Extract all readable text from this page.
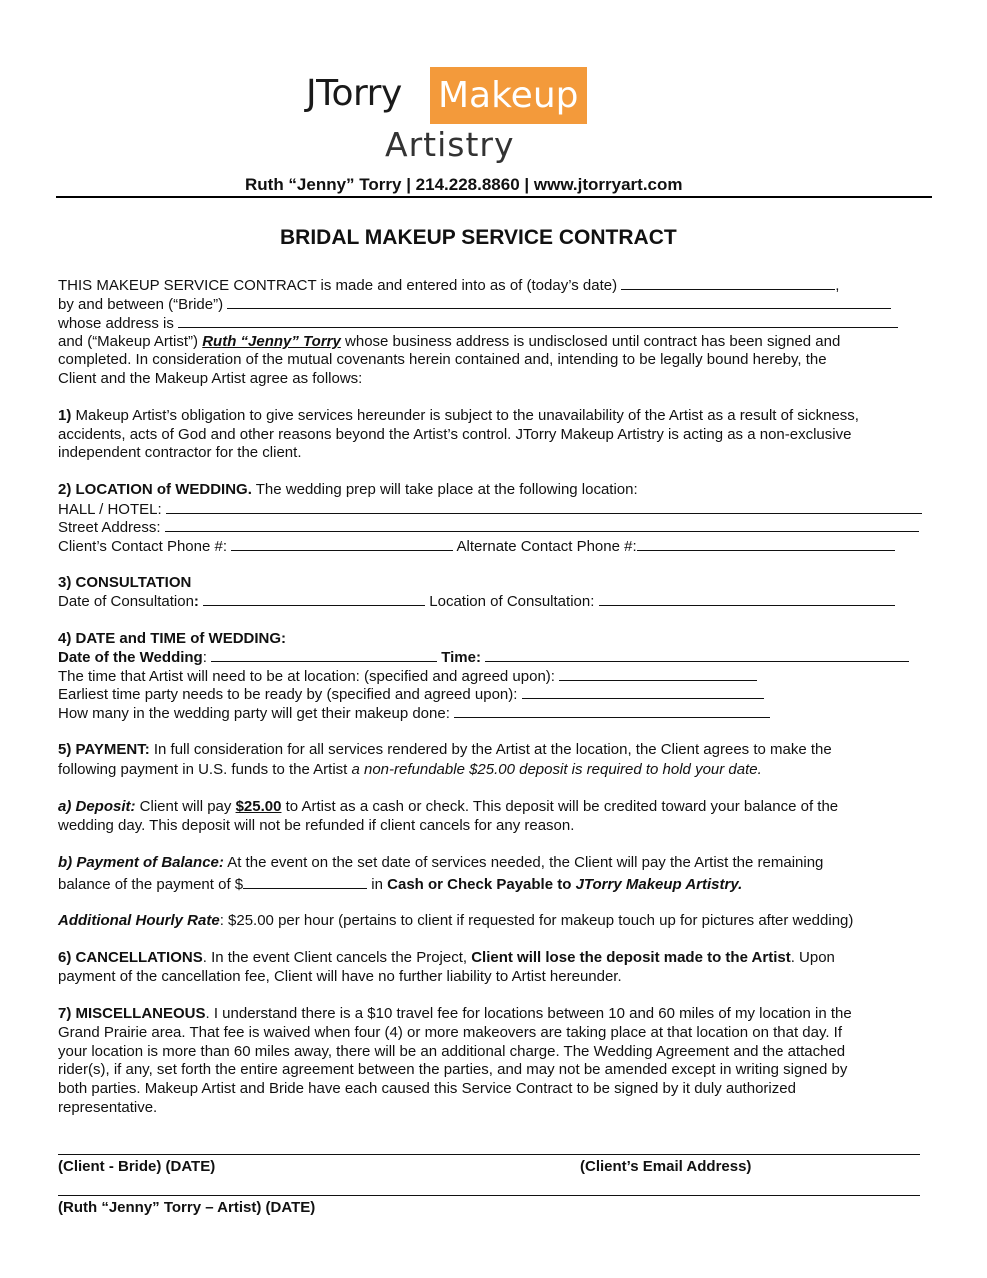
JTorry Makeup
Artistry
Ruth “Jenny” Torry | 214.228.8860 | www.jtorryart.com
BRIDAL MAKEUP SERVICE CONTRACT
THIS MAKEUP SERVICE CONTRACT is made and entered into as of (today’s date)	,
by and between (“Bride”)
whose address is
and (“Makeup Artist”) Ruth “Jenny” Torry whose business address is undisclosed until contract has been signed and
completed. In consideration of the mutual covenants herein contained and, intending to be legally bound hereby, the
Client and the Makeup Artist agree as follows:
1) Makeup Artist’s obligation to give services hereunder is subject to the unavailability of the Artist as a result of sickness,
accidents, acts of God and other reasons beyond the Artist’s control. JTorry Makeup Artistry is acting as a non-exclusive
independent contractor for the client.
2) LOCATION of WEDDING. The wedding prep will take place at the following location:
HALL / HOTEL:
Street Address:
Client’s Contact Phone #:	Alternate Contact Phone #:
3) CONSULTATION
Date of Consultation:	Location of Consultation:
4) DATE and TIME of WEDDING:
Date of the Wedding:	Time:
The time that Artist will need to be at location: (specified and agreed upon):
Earliest time party needs to be ready by (specified and agreed upon):
How many in the wedding party will get their makeup done:
5) PAYMENT: In full consideration for all services rendered by the Artist at the location, the Client agrees to make the
following payment in U.S. funds to the Artist a non-refundable $25.00 deposit is required to hold your date.
a) Deposit: Client will pay $25.00 to Artist as a cash or check. This deposit will be credited toward your balance of the
wedding day. This deposit will not be refunded if client cancels for any reason.
b) Payment of Balance: At the event on the set date of services needed, the Client will pay the Artist the remaining
balance of the payment of $	in Cash or Check Payable to JTorry Makeup Artistry.
Additional Hourly Rate: $25.00 per hour (pertains to client if requested for makeup touch up for pictures after wedding)
6) CANCELLATIONS. In the event Client cancels the Project, Client will lose the deposit made to the Artist. Upon
payment of the cancellation fee, Client will have no further liability to Artist hereunder.
7) MISCELLANEOUS. I understand there is a $10 travel fee for locations between 10 and 60 miles of my location in the
Grand Prairie area. That fee is waived when four (4) or more makeovers are taking place at that location on that day. If
your location is more than 60 miles away, there will be an additional charge. The Wedding Agreement and the attached
rider(s), if any, set forth the entire agreement between the parties, and may not be amended except in writing signed by
both parties. Makeup Artist and Bride have each caused this Service Contract to be signed by it duly authorized
representative.
(Client - Bride) (DATE)	(Client’s Email Address)
(Ruth “Jenny” Torry – Artist) (DATE)
